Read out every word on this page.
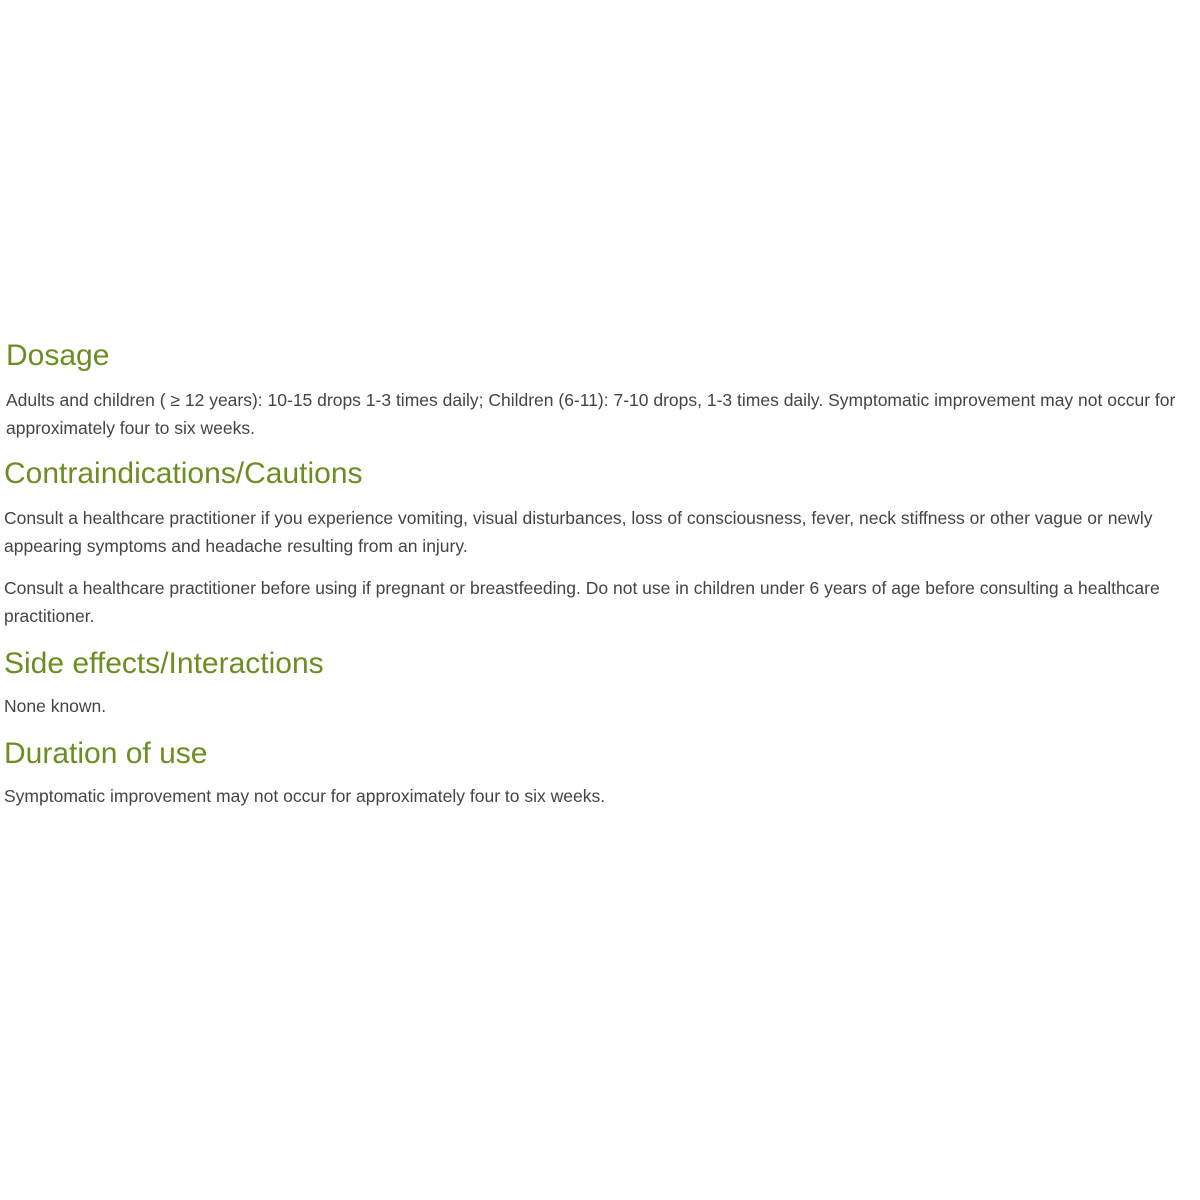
Dosage

Adults and children ( ≥ 12 years): 10-15 drops 1-3 times daily; Children (6-11): 7-10 drops, 1-3 times daily. Symptomatic improvement may not occur for approximately four to six weeks.

Contraindications/Cautions

Consult a healthcare practitioner if you experience vomiting, visual disturbances, loss of consciousness, fever, neck stiffness or other vague or newly appearing symptoms and headache resulting from an injury.

Consult a healthcare practitioner before using if pregnant or breastfeeding. Do not use in children under 6 years of age before consulting a healthcare practitioner.

Side effects/Interactions

None known.

Duration of use

Symptomatic improvement may not occur for approximately four to six weeks.
